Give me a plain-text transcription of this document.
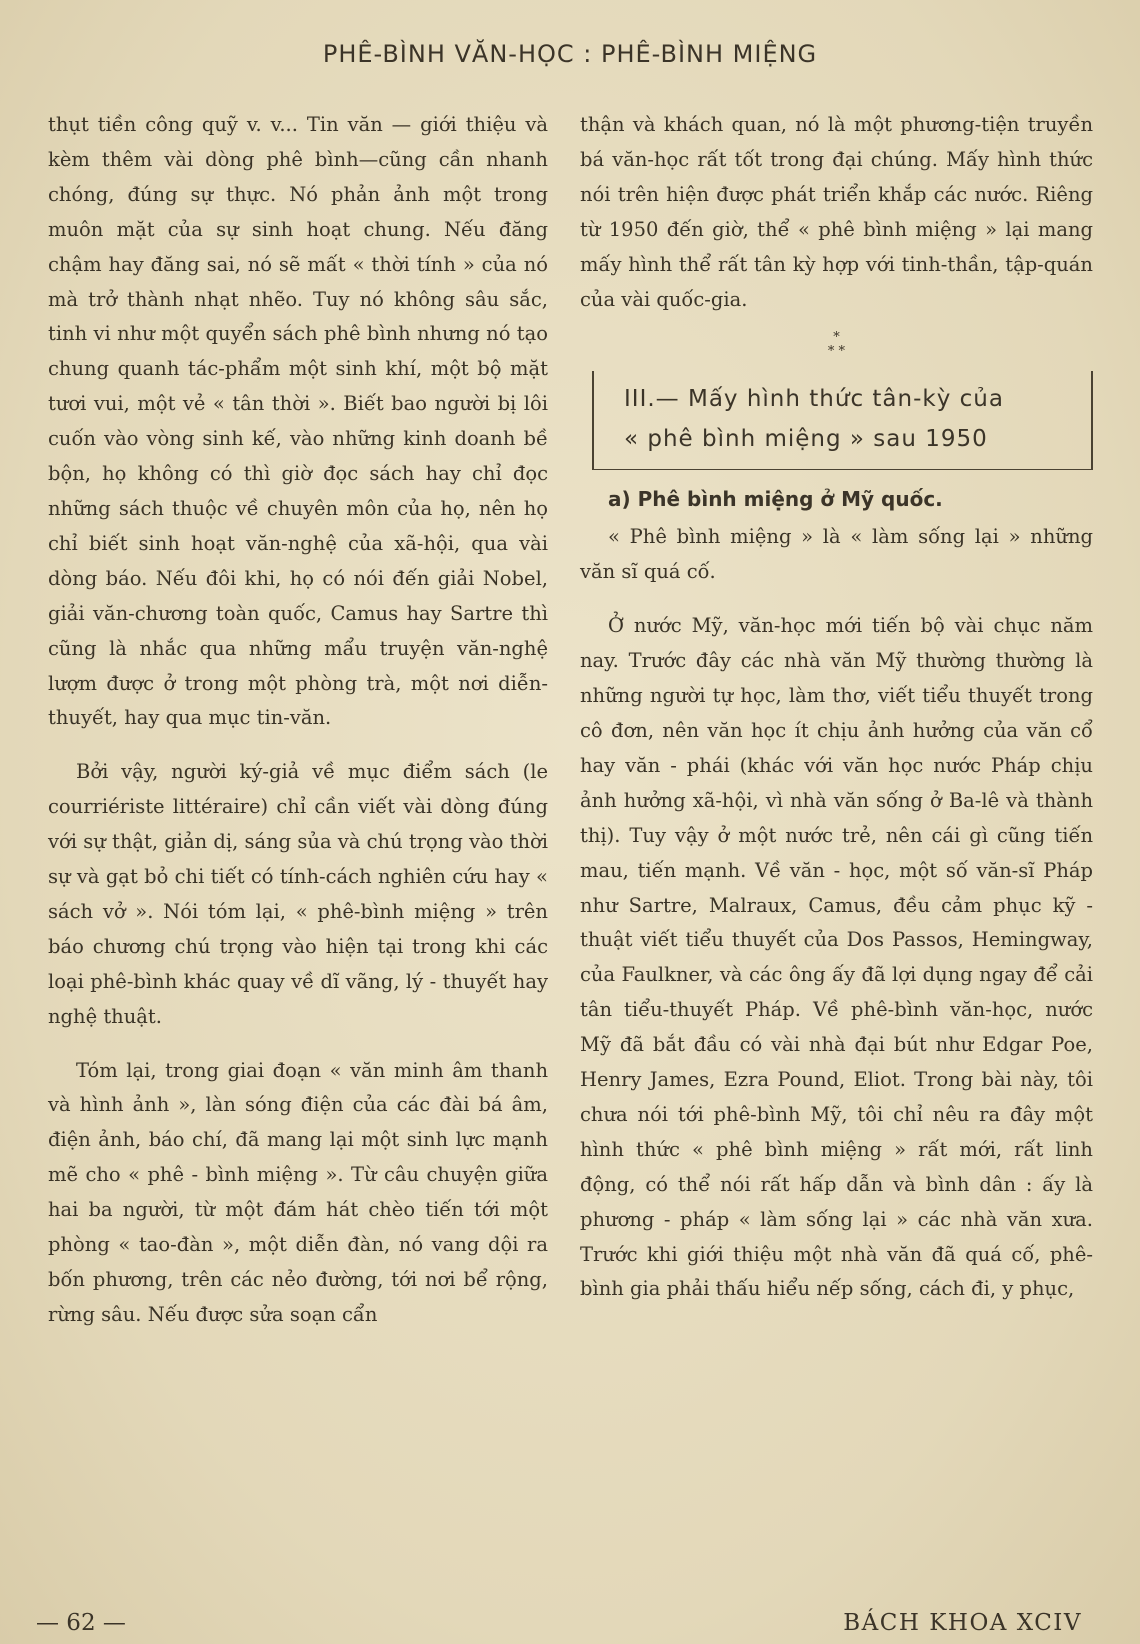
PHÊ-BÌNH VĂN-HỌC : PHÊ-BÌNH MIỆNG

thụt tiền công quỹ v. v... Tin văn — giới thiệu và kèm thêm vài dòng phê bình—cũng cần nhanh chóng, đúng sự thực. Nó phản ảnh một trong muôn mặt của sự sinh hoạt chung. Nếu đăng chậm hay đăng sai, nó sẽ mất « thời tính » của nó mà trở thành nhạt nhẽo. Tuy nó không sâu sắc, tinh vi như một quyển sách phê bình nhưng nó tạo chung quanh tác-phẩm một sinh khí, một bộ mặt tươi vui, một vẻ « tân thời ». Biết bao người bị lôi cuốn vào vòng sinh kế, vào những kinh doanh bề bộn, họ không có thì giờ đọc sách hay chỉ đọc những sách thuộc về chuyên môn của họ, nên họ chỉ biết sinh hoạt văn-nghệ của xã-hội, qua vài dòng báo. Nếu đôi khi, họ có nói đến giải Nobel, giải văn-chương toàn quốc, Camus hay Sartre thì cũng là nhắc qua những mẩu truyện văn-nghệ lượm được ở trong một phòng trà, một nơi diễn-thuyết, hay qua mục tin-văn.

Bởi vậy, người ký-giả về mục điểm sách (le courriériste littéraire) chỉ cần viết vài dòng đúng với sự thật, giản dị, sáng sủa và chú trọng vào thời sự và gạt bỏ chi tiết có tính-cách nghiên cứu hay « sách vở ». Nói tóm lại, « phê-bình miệng » trên báo chương chú trọng vào hiện tại trong khi các loại phê-bình khác quay về dĩ vãng, lý - thuyết hay nghệ thuật.

Tóm lại, trong giai đoạn « văn minh âm thanh và hình ảnh », làn sóng điện của các đài bá âm, điện ảnh, báo chí, đã mang lại một sinh lực mạnh mẽ cho « phê - bình miệng ». Từ câu chuyện giữa hai ba người, từ một đám hát chèo tiến tới một phòng « tao-đàn », một diễn đàn, nó vang dội ra bốn phương, trên các nẻo đường, tới nơi bể rộng, rừng sâu. Nếu được sửa soạn cẩn

thận và khách quan, nó là một phương-tiện truyền bá văn-học rất tốt trong đại chúng. Mấy hình thức nói trên hiện được phát triển khắp các nước. Riêng từ 1950 đến giờ, thể « phê bình miệng » lại mang mấy hình thể rất tân kỳ hợp với tinh-thần, tập-quán của vài quốc-gia.

*
* *
III.— Mấy hình thức tân-kỳ của
« phê bình miệng » sau 1950
a) Phê bình miệng ở Mỹ quốc.

« Phê bình miệng » là « làm sống lại » những văn sĩ quá cố.

Ở nước Mỹ, văn-học mới tiến bộ vài chục năm nay. Trước đây các nhà văn Mỹ thường thường là những người tự học, làm thơ, viết tiểu thuyết trong cô đơn, nên văn học ít chịu ảnh hưởng của văn cổ hay văn - phái (khác với văn học nước Pháp chịu ảnh hưởng xã-hội, vì nhà văn sống ở Ba-lê và thành thị). Tuy vậy ở một nước trẻ, nên cái gì cũng tiến mau, tiến mạnh. Về văn - học, một số văn-sĩ Pháp như Sartre, Malraux, Camus, đều cảm phục kỹ - thuật viết tiểu thuyết của Dos Passos, Hemingway, của Faulkner, và các ông ấy đã lợi dụng ngay để cải tân tiểu-thuyết Pháp. Về phê-bình văn-học, nước Mỹ đã bắt đầu có vài nhà đại bút như Edgar Poe, Henry James, Ezra Pound, Eliot. Trong bài này, tôi chưa nói tới phê-bình Mỹ, tôi chỉ nêu ra đây một hình thức « phê bình miệng » rất mới, rất linh động, có thể nói rất hấp dẫn và bình dân : ấy là phương - pháp « làm sống lại » các nhà văn xưa. Trước khi giới thiệu một nhà văn đã quá cố, phê-bình gia phải thấu hiểu nếp sống, cách đi, y phục,

— 62 —	BÁCH KHOA XCIV
